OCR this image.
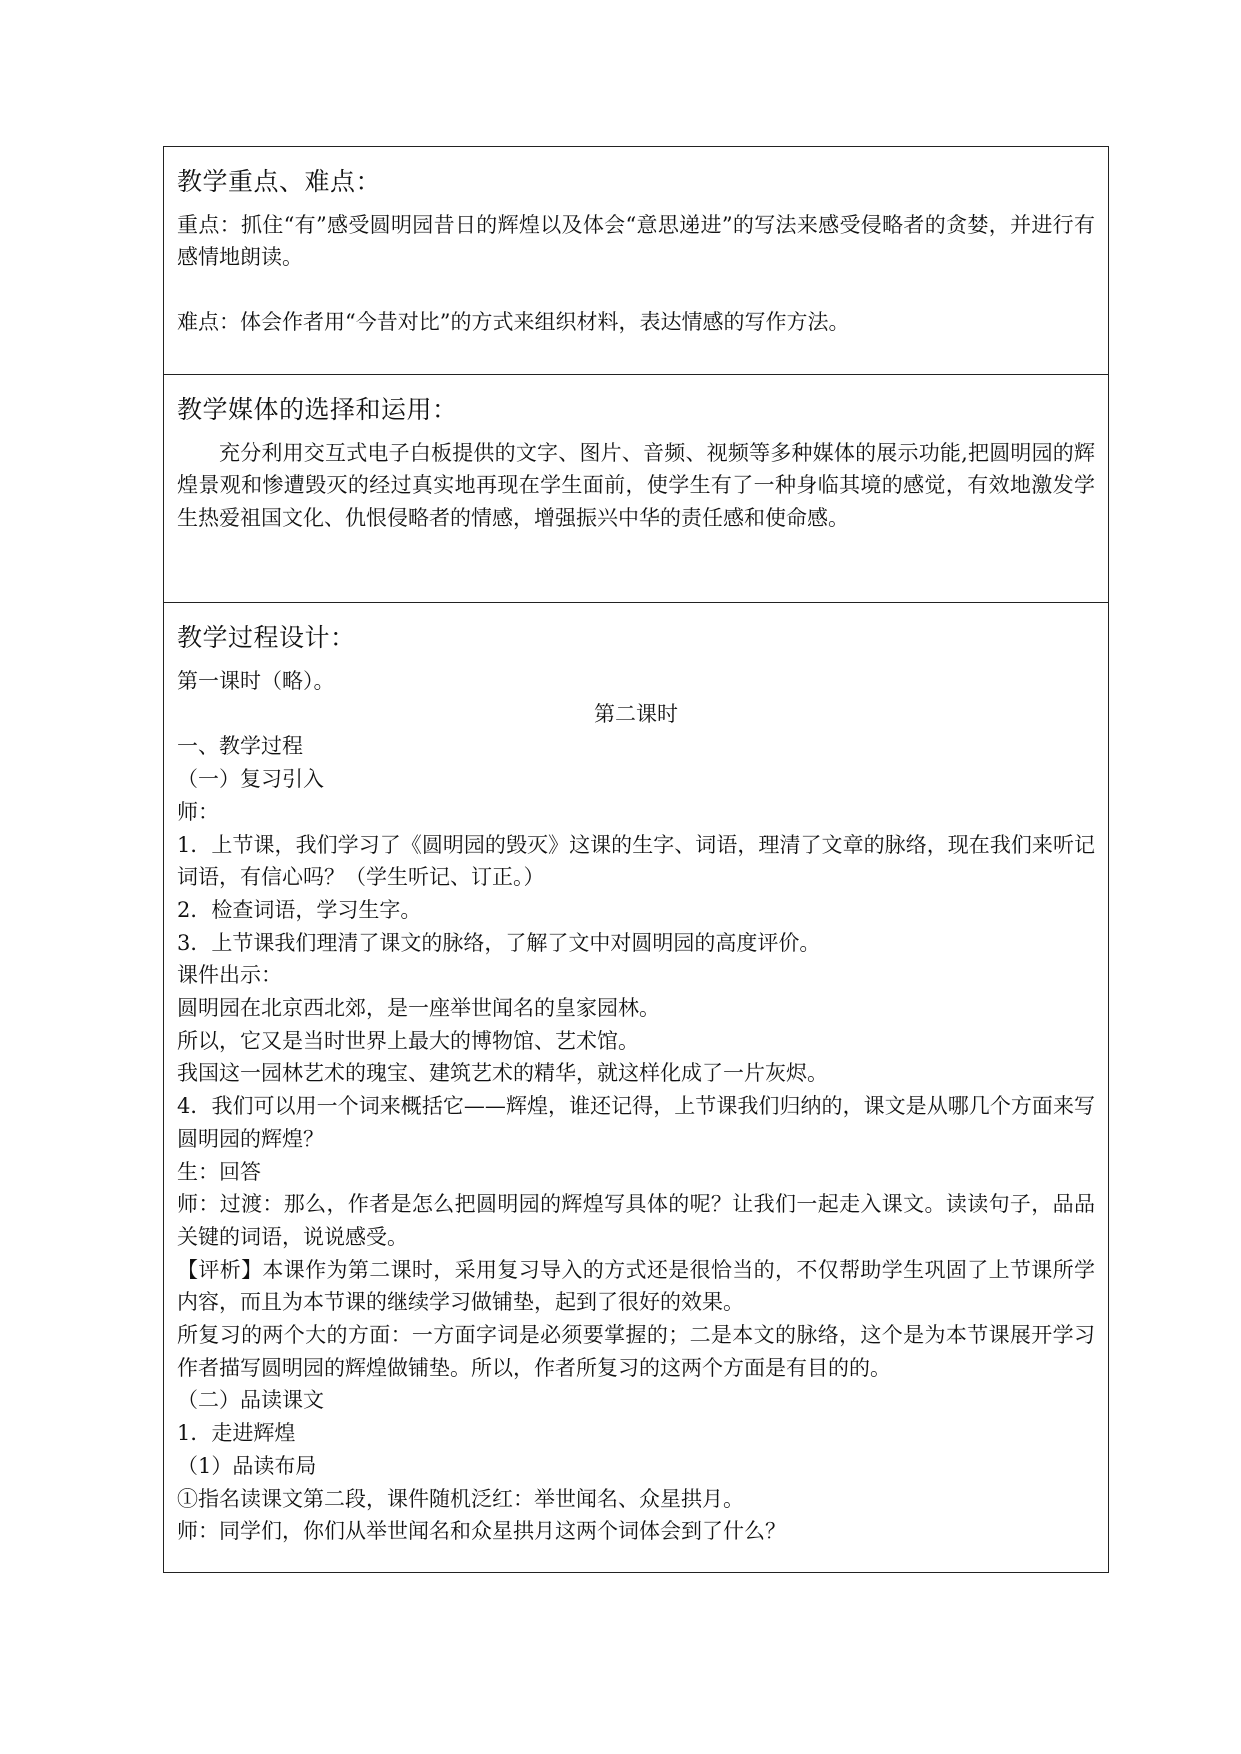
教学重点、难点：

重点：抓住“有”感受圆明园昔日的辉煌以及体会“意思递进”的写法来感受侵略者的贪婪，并进行有感情地朗读。

难点：体会作者用“今昔对比”的方式来组织材料，表达情感的写作方法。

教学媒体的选择和运用：

充分利用交互式电子白板提供的文字、图片、音频、视频等多种媒体的展示功能,把圆明园的辉煌景观和惨遭毁灭的经过真实地再现在学生面前，使学生有了一种身临其境的感觉，有效地激发学生热爱祖国文化、仇恨侵略者的情感，增强振兴中华的责任感和使命感。

教学过程设计：

第一课时（略）。

第二课时

一、教学过程

（一）复习引入

师：

1．上节课，我们学习了《圆明园的毁灭》这课的生字、词语，理清了文章的脉络，现在我们来听记词语，有信心吗？（学生听记、订正。）

2．检查词语，学习生字。

3．上节课我们理清了课文的脉络，了解了文中对圆明园的高度评价。

课件出示：

圆明园在北京西北郊，是一座举世闻名的皇家园林。

所以，它又是当时世界上最大的博物馆、艺术馆。

我国这一园林艺术的瑰宝、建筑艺术的精华，就这样化成了一片灰烬。

4．我们可以用一个词来概括它——辉煌，谁还记得，上节课我们归纳的，课文是从哪几个方面来写圆明园的辉煌？

生：回答

师：过渡：那么，作者是怎么把圆明园的辉煌写具体的呢？让我们一起走入课文。读读句子，品品关键的词语，说说感受。

【评析】本课作为第二课时，采用复习导入的方式还是很恰当的，不仅帮助学生巩固了上节课所学内容，而且为本节课的继续学习做铺垫，起到了很好的效果。

所复习的两个大的方面：一方面字词是必须要掌握的；二是本文的脉络，这个是为本节课展开学习作者描写圆明园的辉煌做铺垫。所以，作者所复习的这两个方面是有目的的。

（二）品读课文

1．走进辉煌

（1）品读布局

①指名读课文第二段，课件随机泛红：举世闻名、众星拱月。

师：同学们，你们从举世闻名和众星拱月这两个词体会到了什么？
